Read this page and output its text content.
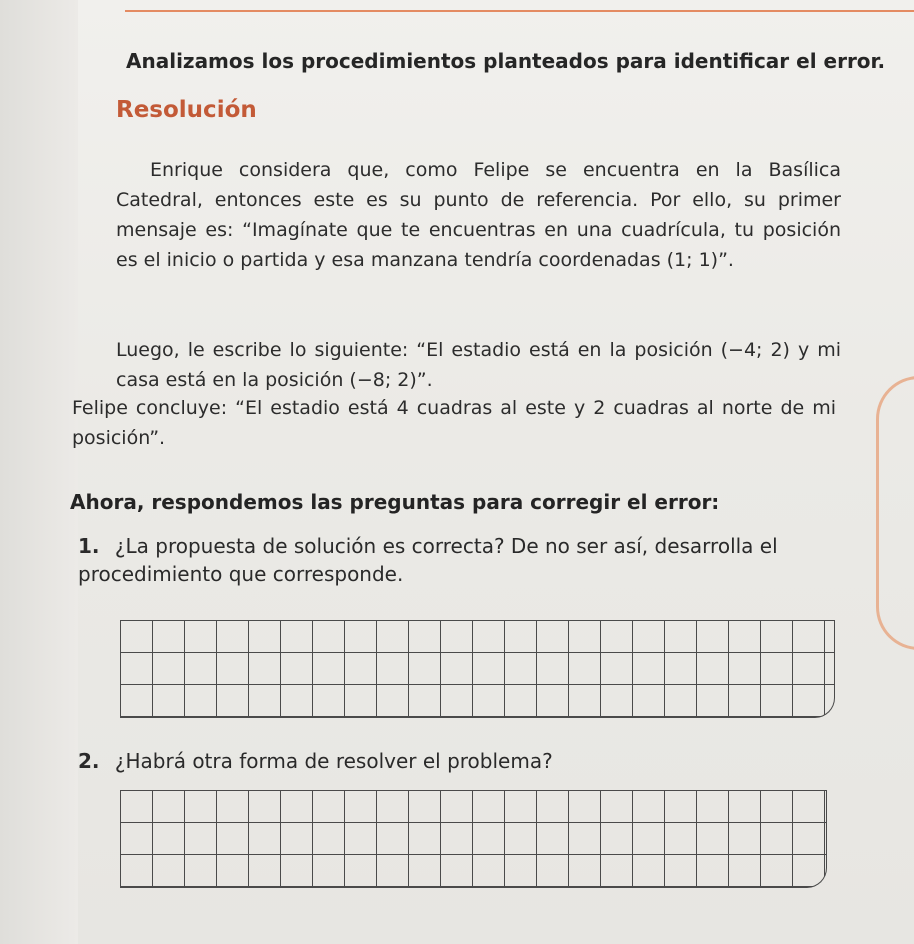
Analizamos los procedimientos planteados para identificar el error.

Resolución

Enrique considera que, como Felipe se encuentra en la Basílica Catedral, entonces este es su punto de referencia. Por ello, su primer mensaje es: “Imagínate que te encuentras en una cuadrícula, tu posición es el inicio o partida y esa manzana tendría coordenadas (1; 1)”.

Luego, le escribe lo siguiente: “El estadio está en la posición (−4; 2) y mi casa está en la posición (−8; 2)”.

Felipe concluye: “El estadio está 4 cuadras al este y 2 cuadras al norte de mi posición”.

Ahora, respondemos las preguntas para corregir el error:

1. ¿La propuesta de solución es correcta? De no ser así, desarrolla el procedimiento que corresponde.

2. ¿Habrá otra forma de resolver el problema?
